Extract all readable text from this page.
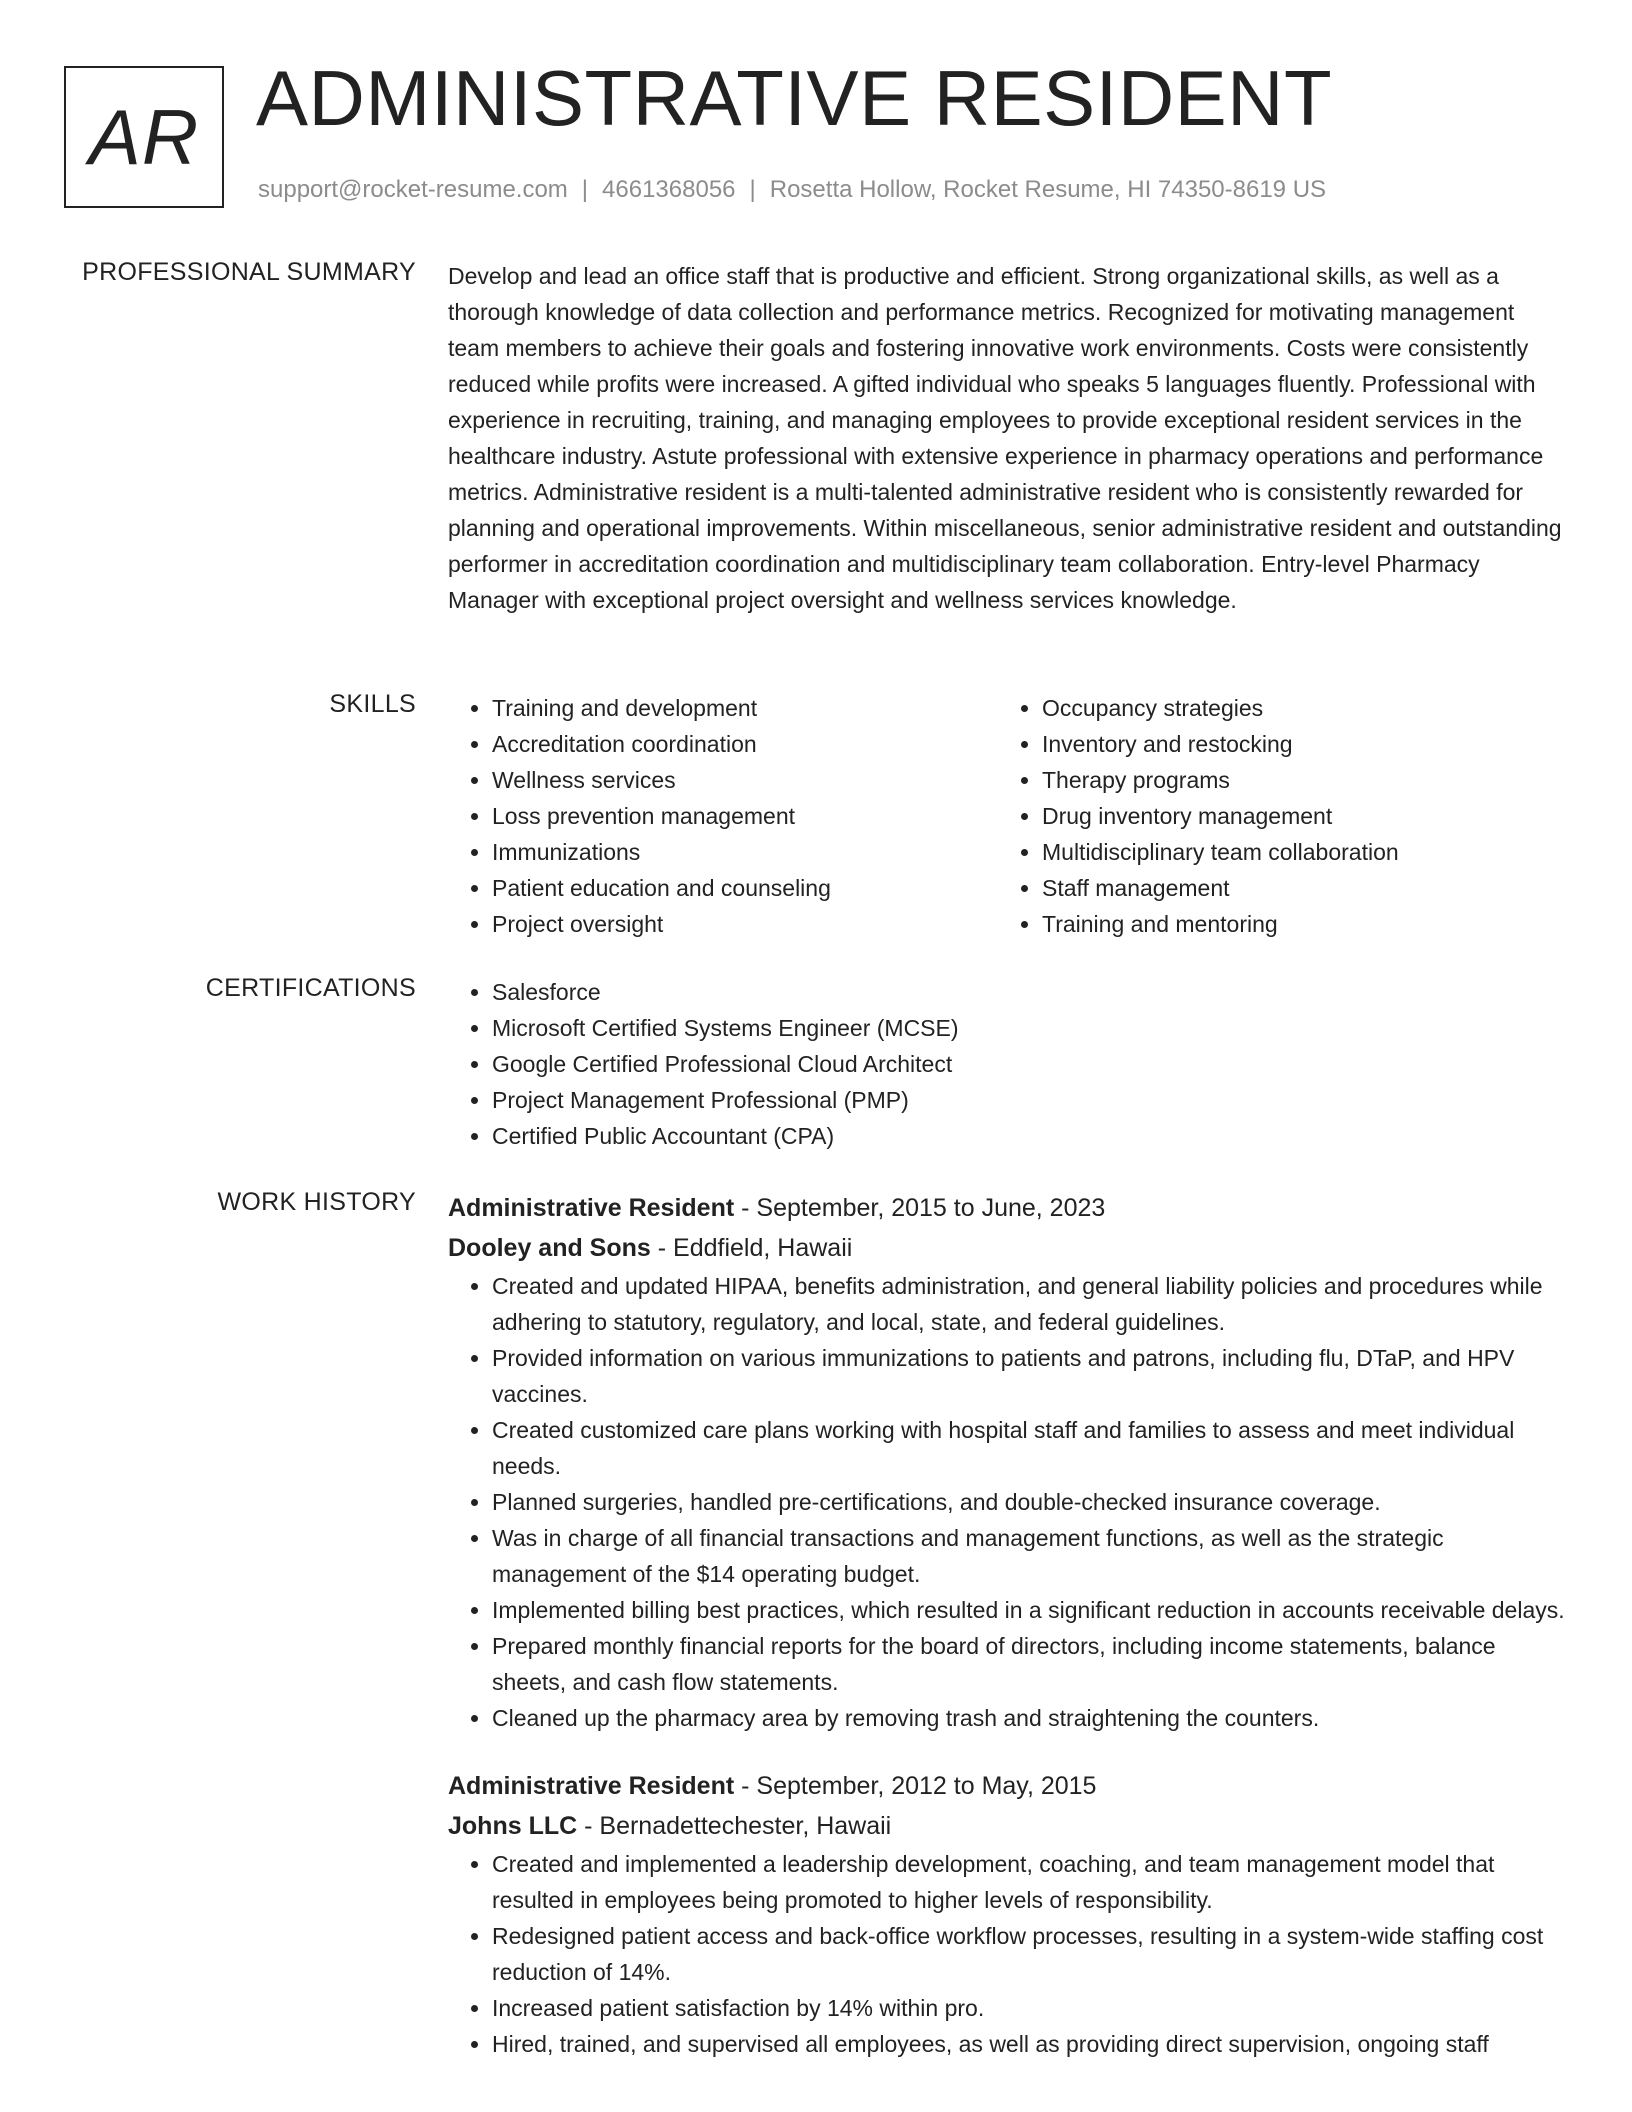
AR ADMINISTRATIVE RESIDENT
support@rocket-resume.com | 4661368056 | Rosetta Hollow, Rocket Resume, HI 74350-8619 US
PROFESSIONAL SUMMARY Develop and lead an office staff that is productive and efficient. Strong organizational skills, as well as a thorough knowledge of data collection and performance metrics. Recognized for motivating management team members to achieve their goals and fostering innovative work environments. Costs were consistently reduced while profits were increased. A gifted individual who speaks 5 languages fluently. Professional with experience in recruiting, training, and managing employees to provide exceptional resident services in the healthcare industry. Astute professional with extensive experience in pharmacy operations and performance metrics. Administrative resident is a multi-talented administrative resident who is consistently rewarded for planning and operational improvements. Within miscellaneous, senior administrative resident and outstanding performer in accreditation coordination and multidisciplinary team collaboration. Entry-level Pharmacy Manager with exceptional project oversight and wellness services knowledge.

SKILLS	• Training and development
• Accreditation coordination
• Wellness services
• Loss prevention management
• Immunizations
• Patient education and counseling
• Project oversight
• Occupancy strategies
• Inventory and restocking
• Therapy programs
• Drug inventory management
• Multidisciplinary team collaboration
• Staff management
• Training and mentoring
CERTIFICATIONS	• Salesforce
• Microsoft Certified Systems Engineer (MCSE)
• Google Certified Professional Cloud Architect
• Project Management Professional (PMP)
• Certified Public Accountant (CPA)
WORK HISTORY Administrative Resident - September, 2015 to June, 2023
Dooley and Sons - Eddfield, Hawaii
• Created and updated HIPAA, benefits administration, and general liability policies and procedures while adhering to statutory, regulatory, and local, state, and federal guidelines.
• Provided information on various immunizations to patients and patrons, including flu, DTaP, and HPV vaccines.
• Created customized care plans working with hospital staff and families to assess and meet individual needs.
• Planned surgeries, handled pre-certifications, and double-checked insurance coverage.
• Was in charge of all financial transactions and management functions, as well as the strategic management of the $14 operating budget.
• Implemented billing best practices, which resulted in a significant reduction in accounts receivable delays.
• Prepared monthly financial reports for the board of directors, including income statements, balance sheets, and cash flow statements.
• Cleaned up the pharmacy area by removing trash and straightening the counters.
Administrative Resident - September, 2012 to May, 2015
Johns LLC - Bernadettechester, Hawaii
• Created and implemented a leadership development, coaching, and team management model that resulted in employees being promoted to higher levels of responsibility.
• Redesigned patient access and back-office workflow processes, resulting in a system-wide staffing cost reduction of 14%.
• Increased patient satisfaction by 14% within pro.
• Hired, trained, and supervised all employees, as well as providing direct supervision, ongoing staff
